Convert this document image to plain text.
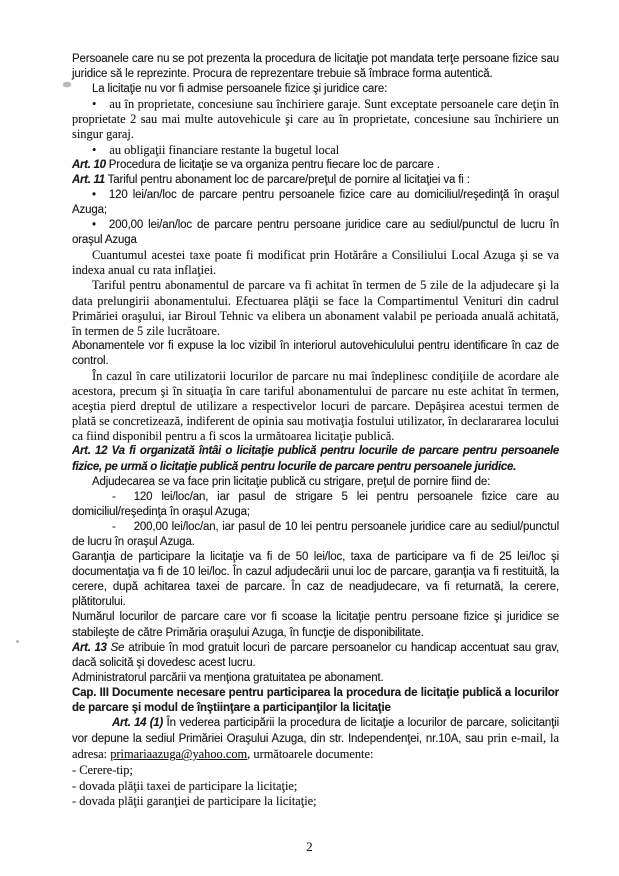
Persoanele care nu se pot prezenta la procedura de licitaţie pot mandata terţe persoane fizice sau juridice să le reprezinte. Procura de reprezentare trebuie să îmbrace forma autentică.

La licitaţie nu vor fi admise persoanele fizice şi juridice care:

• au în proprietate, concesiune sau închiriere garaje. Sunt exceptate persoanele care deţin în proprietate 2 sau mai multe autovehicule şi care au în proprietate, concesiune sau închiriere un singur garaj.

• au obligaţii financiare restante la bugetul local

Art. 10 Procedura de licitaţie se va organiza pentru fiecare loc de parcare .

Art. 11 Tariful pentru abonament loc de parcare/preţul de pornire al licitaţiei va fi :

• 120 lei/an/loc de parcare pentru persoanele fizice care au domiciliul/reşedinţă în oraşul Azuga;

• 200,00 lei/an/loc de parcare pentru persoane juridice care au sediul/punctul de lucru în oraşul Azuga

Cuantumul acestei taxe poate fi modificat prin Hotărâre a Consiliului Local Azuga şi se va indexa anual cu rata inflaţiei.

Tariful pentru abonamentul de parcare va fi achitat în termen de 5 zile de la adjudecare şi la data prelungirii abonamentului. Efectuarea plăţii se face la Compartimentul Venituri din cadrul Primăriei oraşului, iar Biroul Tehnic va elibera un abonament valabil pe perioada anuală achitată, în termen de 5 zile lucrătoare.

Abonamentele vor fi expuse la loc vizibil în interiorul autovehiculului pentru identificare în caz de control.

În cazul în care utilizatorii locurilor de parcare nu mai îndeplinesc condiţiile de acordare ale acestora, precum şi în situaţia în care tariful abonamentului de parcare nu este achitat în termen, aceştia pierd dreptul de utilizare a respectivelor locuri de parcare. Depăşirea acestui termen de plată se concretizează, indiferent de opinia sau motivaţia fostului utilizator, în declarararea locului ca fiind disponibil pentru a fi scos la următoarea licitaţie publică.

Art. 12 Va fi organizată întâi o licitaţie publică pentru locurile de parcare pentru persoanele fizice, pe urmă o licitaţie publică pentru locurile de parcare pentru persoanele juridice.

Adjudecarea se va face prin licitaţie publică cu strigare, preţul de pornire fiind de:

- 120 lei/loc/an, iar pasul de strigare 5 lei pentru persoanele fizice care au domiciliul/reşedinţa în oraşul Azuga;

- 200,00 lei/loc/an, iar pasul de 10 lei pentru persoanele juridice care au sediul/punctul de lucru în oraşul Azuga.

Garanţia de participare la licitaţie va fi de 50 lei/loc, taxa de participare va fi de 25 lei/loc şi documentaţia va fi de 10 lei/loc. În cazul adjudecării unui loc de parcare, garanţia va fi restituită, la cerere, după achitarea taxei de parcare. În caz de neadjudecare, va fi returnată, la cerere, plătitorului.

Numărul locurilor de parcare care vor fi scoase la licitaţie pentru persoane fizice şi juridice se stabileşte de către Primăria oraşului Azuga, în funcţie de disponibilitate.

Art. 13 Se atribuie în mod gratuit locuri de parcare persoanelor cu handicap accentuat sau grav, dacă solicită şi dovedesc acest lucru.

Administratorul parcării va menţiona gratuitatea pe abonament.

Cap. III Documente necesare pentru participarea la procedura de licitaţie publică a locurilor de parcare şi modul de înştiinţare a participanţilor la licitaţie

Art. 14 (1) În vederea participării la procedura de licitaţie a locurilor de parcare, solicitanţii vor depune la sediul Primăriei Oraşului Azuga, din str. Independenţei, nr.10A, sau prin e-mail, la adresa: primariaazuga@yahoo.com, următoarele documente:

- Cerere-tip;

- dovada plăţii taxei de participare la licitaţie;

- dovada plăţii garanţiei de participare la licitaţie;

2
